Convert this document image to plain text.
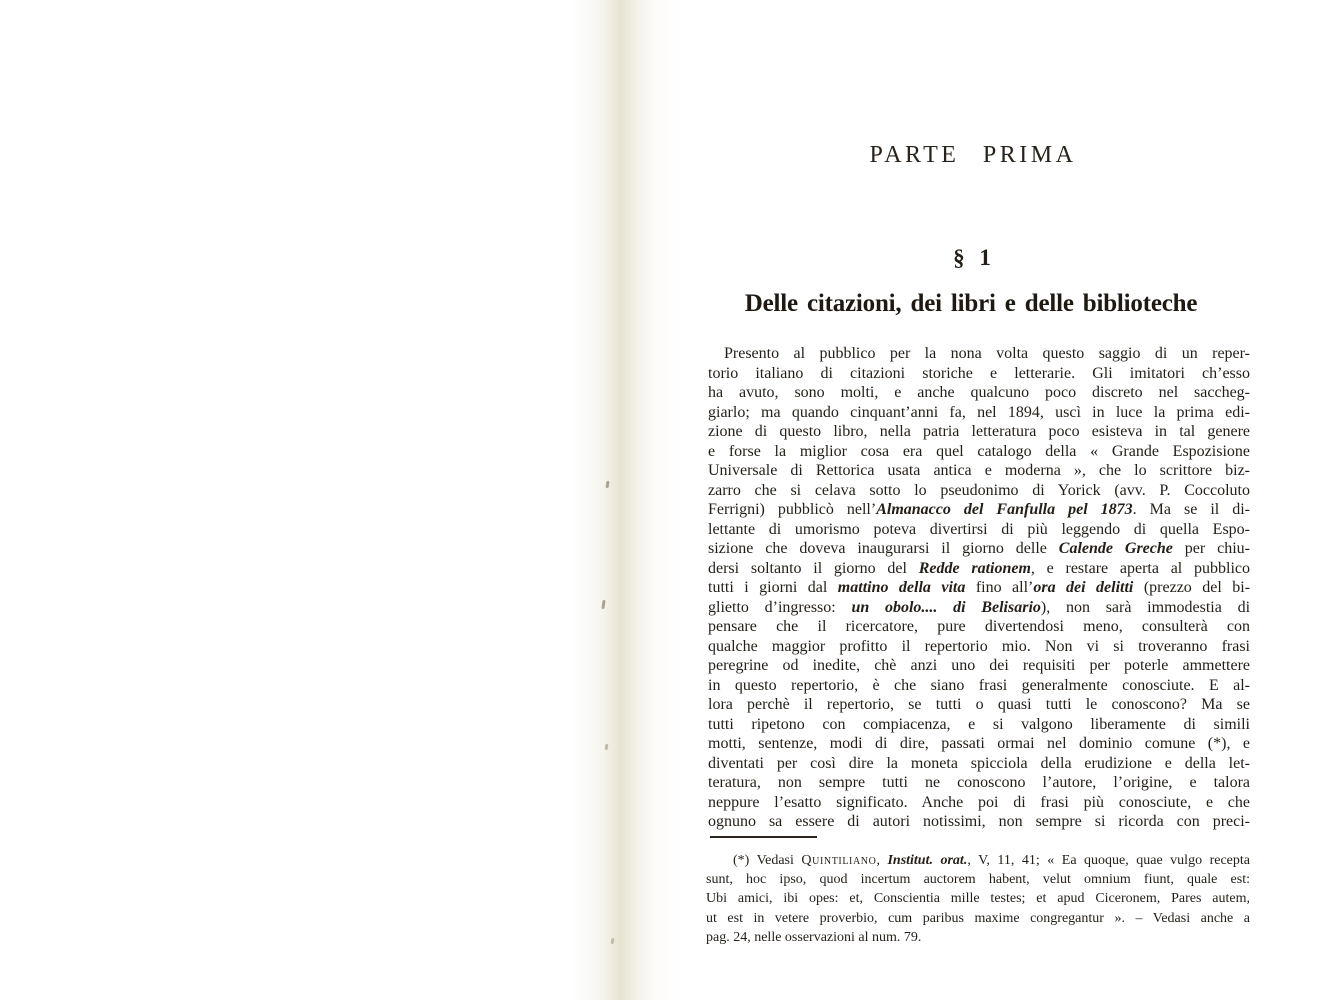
PARTE PRIMA
§ 1
Delle citazioni, dei libri e delle biblioteche
Presento al pubblico per la nona volta questo saggio di un reper-
torio italiano di citazioni storiche e letterarie. Gli imitatori ch’esso
ha avuto, sono molti, e anche qualcuno poco discreto nel saccheg-
giarlo; ma quando cinquant’anni fa, nel 1894, uscì in luce la prima edi-
zione di questo libro, nella patria letteratura poco esisteva in tal genere
e forse la miglior cosa era quel catalogo della « Grande Espozisione
Universale di Rettorica usata antica e moderna », che lo scrittore biz-
zarro che si celava sotto lo pseudonimo di Yorick (avv. P. Coccoluto
Ferrigni) pubblicò nell’Almanacco del Fanfulla pel 1873. Ma se il di-
lettante di umorismo poteva divertirsi di più leggendo di quella Espo-
sizione che doveva inaugurarsi il giorno delle Calende Greche per chiu-
dersi soltanto il giorno del Redde rationem, e restare aperta al pubblico
tutti i giorni dal mattino della vita fino all’ora dei delitti (prezzo del bi-
glietto d’ingresso: un obolo.... di Belisario), non sarà immodestia di
pensare che il ricercatore, pure divertendosi meno, consulterà con
qualche maggior profitto il repertorio mio. Non vi si troveranno frasi
peregrine od inedite, chè anzi uno dei requisiti per poterle ammettere
in questo repertorio, è che siano frasi generalmente conosciute. E al-
lora perchè il repertorio, se tutti o quasi tutti le conoscono? Ma se
tutti ripetono con compiacenza, e si valgono liberamente di simili
motti, sentenze, modi di dire, passati ormai nel dominio comune (*), e
diventati per così dire la moneta spicciola della erudizione e della let-
teratura, non sempre tutti ne conoscono l’autore, l’origine, e talora
neppure l’esatto significato. Anche poi di frasi più conosciute, e che
ognuno sa essere di autori notissimi, non sempre si ricorda con preci-
(*) Vedasi Quintiliano, Institut. orat., V, 11, 41; « Ea quoque, quae vulgo recepta
sunt, hoc ipso, quod incertum auctorem habent, velut omnium fiunt, quale est:
Ubi amici, ibi opes: et, Conscientia mille testes; et apud Ciceronem, Pares autem,
ut est in vetere proverbio, cum paribus maxime congregantur ». – Vedasi anche a
pag. 24, nelle osservazioni al num. 79.
